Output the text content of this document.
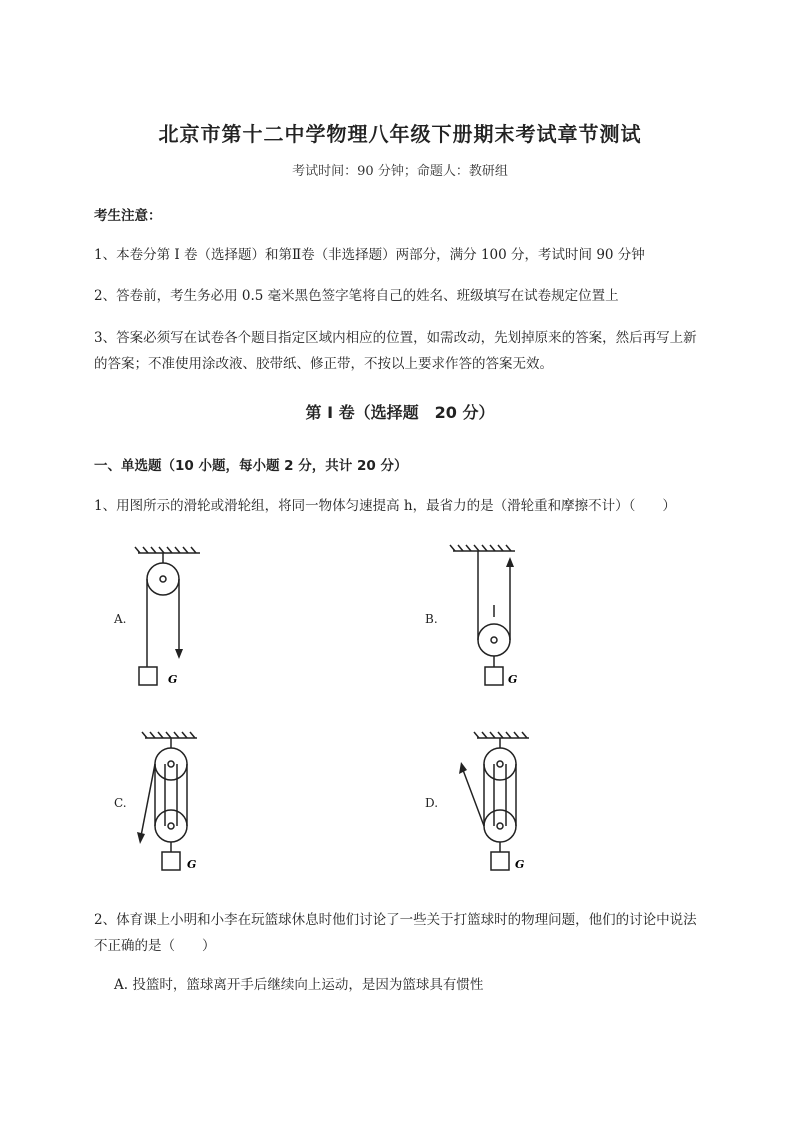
北京市第十二中学物理八年级下册期末考试章节测试
考试时间：90 分钟；命题人：教研组
考生注意：
1、本卷分第 I 卷（选择题）和第Ⅱ卷（非选择题）两部分，满分 100 分，考试时间 90 分钟
2、答卷前，考生务必用 0.5 毫米黑色签字笔将自己的姓名、班级填写在试卷规定位置上
3、答案必须写在试卷各个题目指定区域内相应的位置，如需改动，先划掉原来的答案，然后再写上新的答案；不准使用涂改液、胶带纸、修正带，不按以上要求作答的答案无效。
第 I 卷（选择题　20 分）
一、单选题（10 小题，每小题 2 分，共计 20 分）
1、用图所示的滑轮或滑轮组，将同一物体匀速提高 h，最省力的是（滑轮重和摩擦不计）（　　）
A.
G
B.
G
C.
G
D.
G
2、体育课上小明和小李在玩篮球休息时他们讨论了一些关于打篮球时的物理问题，他们的讨论中说法不正确的是（　　）
A. 投篮时，篮球离开手后继续向上运动，是因为篮球具有惯性
